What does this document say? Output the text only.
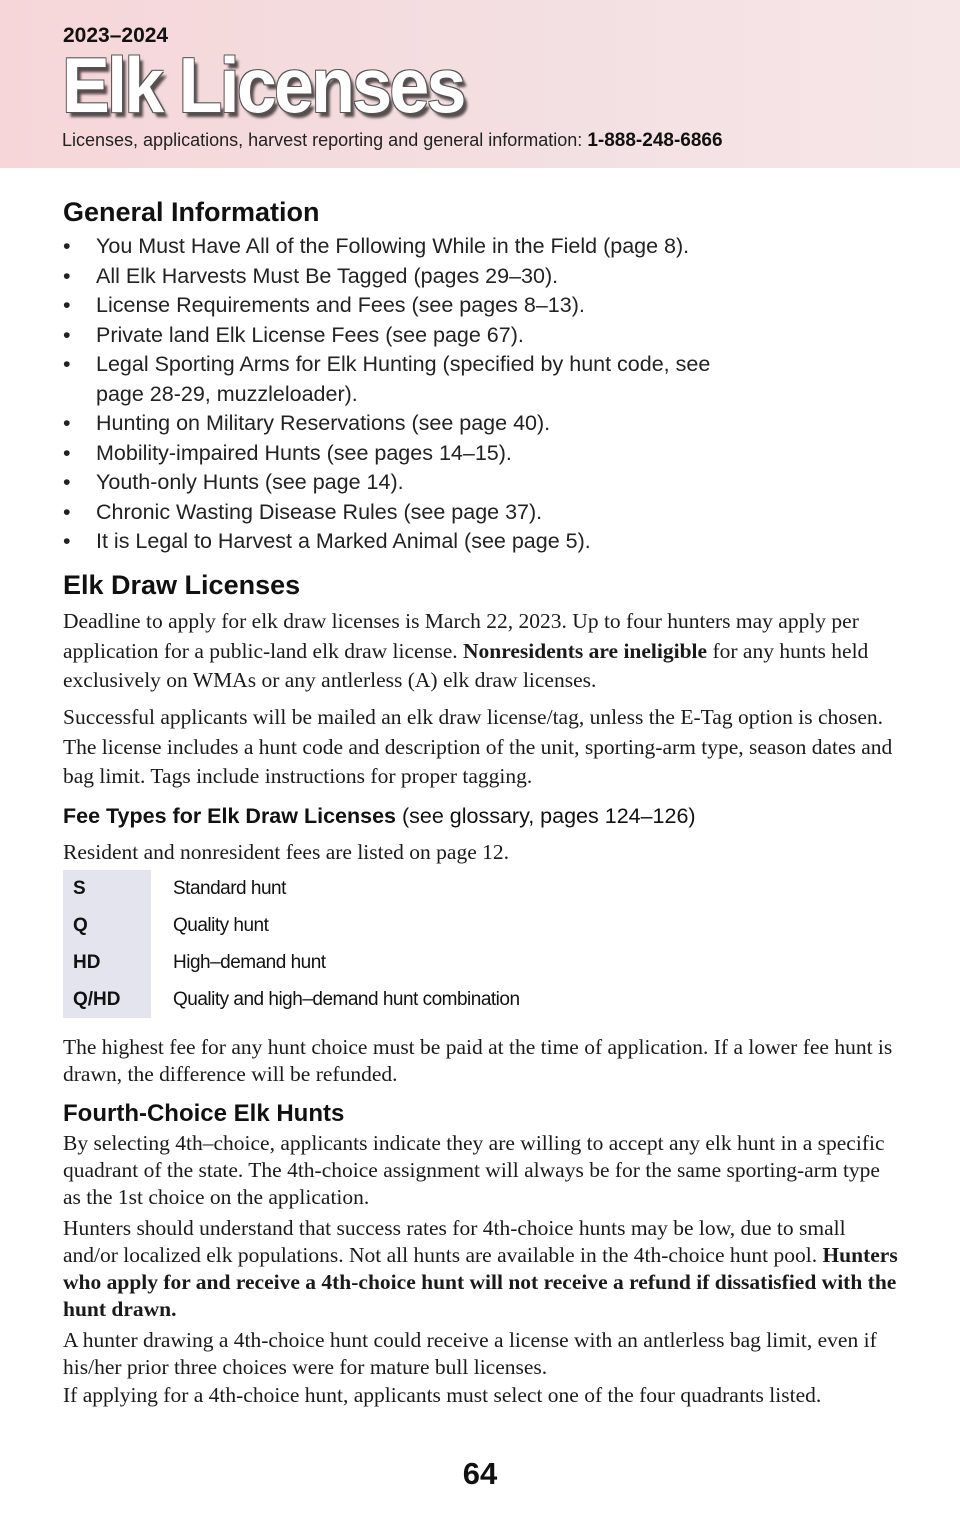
2023–2024
Elk Licenses
Licenses, applications, harvest reporting and general information: 1-888-248-6866
General Information
• You Must Have All of the Following While in the Field (page 8).
• All Elk Harvests Must Be Tagged (pages 29–30).
• License Requirements and Fees (see pages 8–13).
• Private land Elk License Fees (see page 67).
• Legal Sporting Arms for Elk Hunting (specified by hunt code, see page 28-29, muzzleloader).
• Hunting on Military Reservations (see page 40).
• Mobility-impaired Hunts (see pages 14–15).
• Youth-only Hunts (see page 14).
• Chronic Wasting Disease Rules (see page 37).
• It is Legal to Harvest a Marked Animal (see page 5).
Elk Draw Licenses

Deadline to apply for elk draw licenses is March 22, 2023. Up to four hunters may apply per application for a public-land elk draw license. Nonresidents are ineligible for any hunts held exclusively on WMAs or any antlerless (A) elk draw licenses.

Successful applicants will be mailed an elk draw license/tag, unless the E-Tag option is chosen. The license includes a hunt code and description of the unit, sporting-arm type, season dates and bag limit. Tags include instructions for proper tagging.

Fee Types for Elk Draw Licenses (see glossary, pages 124–126)

Resident and nonresident fees are listed on page 12.

S	Standard hunt
Q	Quality hunt
HD	High–demand hunt
Q/HD	Quality and high–demand hunt combination

The highest fee for any hunt choice must be paid at the time of application. If a lower fee hunt is drawn, the difference will be refunded.

Fourth-Choice Elk Hunts

By selecting 4th–choice, applicants indicate they are willing to accept any elk hunt in a specific quadrant of the state. The 4th-choice assignment will always be for the same sporting-arm type as the 1st choice on the application.

Hunters should understand that success rates for 4th-choice hunts may be low, due to small and/or localized elk populations. Not all hunts are available in the 4th-choice hunt pool. Hunters who apply for and receive a 4th-choice hunt will not receive a refund if dissatisfied with the hunt drawn.

A hunter drawing a 4th-choice hunt could receive a license with an antlerless bag limit, even if his/her prior three choices were for mature bull licenses.

If applying for a 4th-choice hunt, applicants must select one of the four quadrants listed.

64
